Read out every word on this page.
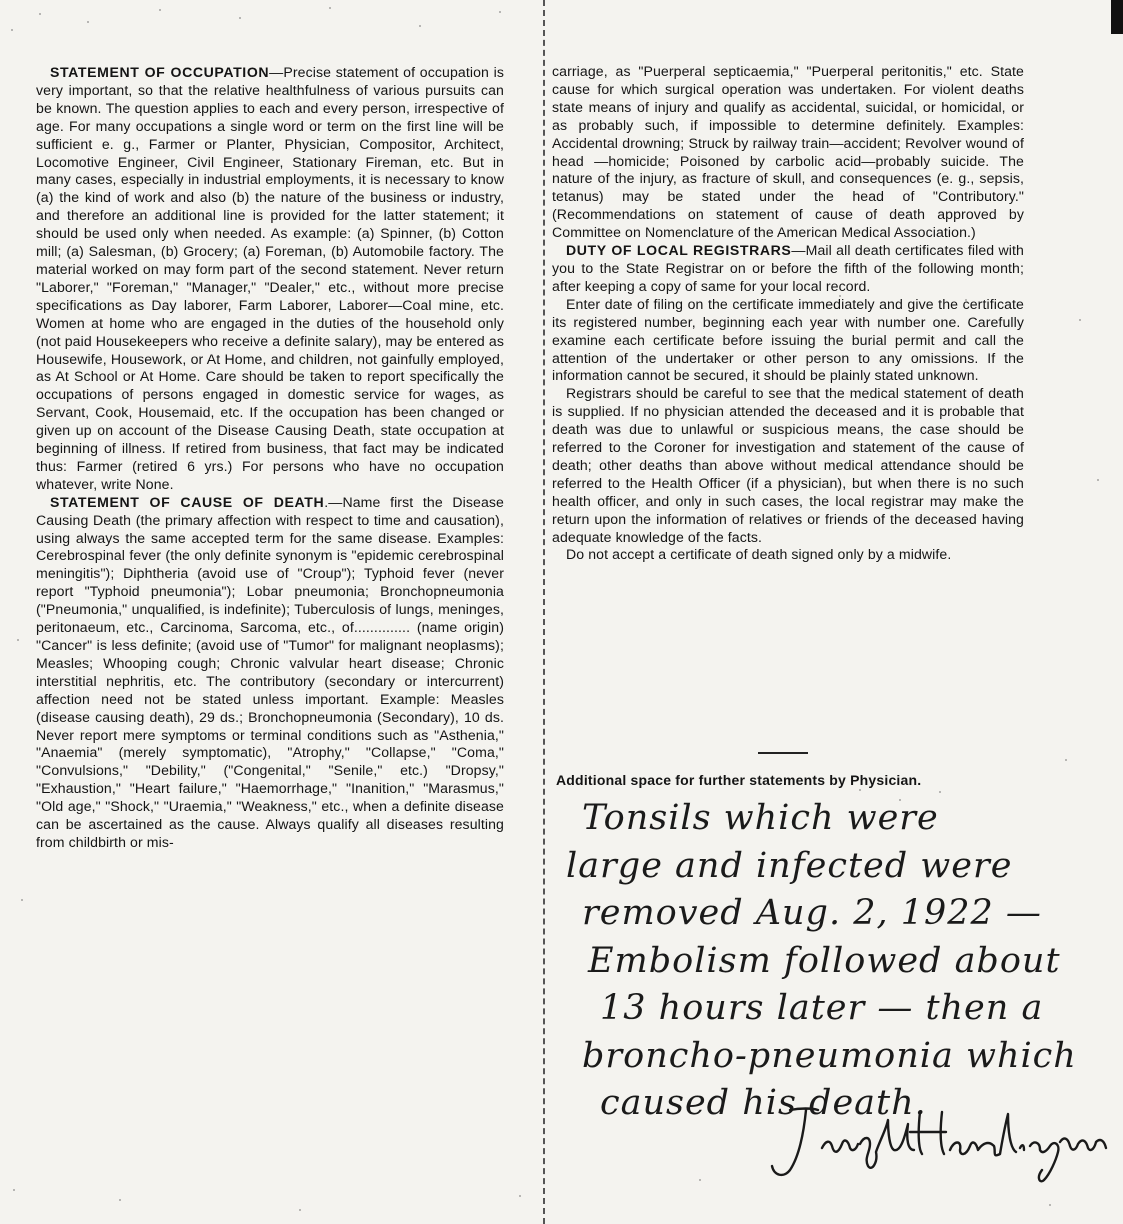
STATEMENT OF OCCUPATION—Precise statement of occupation is very important, so that the relative healthfulness of various pursuits can be known. The question applies to each and every person, irrespective of age. For many occupations a single word or term on the first line will be sufficient e. g., Farmer or Planter, Physician, Compositor, Architect, Locomotive Engineer, Civil Engineer, Stationary Fireman, etc. But in many cases, especially in industrial employments, it is necessary to know (a) the kind of work and also (b) the nature of the business or industry, and therefore an additional line is provided for the latter statement; it should be used only when needed. As example: (a) Spinner, (b) Cotton mill; (a) Salesman, (b) Grocery; (a) Foreman, (b) Automobile factory. The material worked on may form part of the second statement. Never return "Laborer," "Foreman," "Manager," "Dealer," etc., without more precise specifications as Day laborer, Farm Laborer, Laborer—Coal mine, etc. Women at home who are engaged in the duties of the household only (not paid Housekeepers who receive a definite salary), may be entered as Housewife, Housework, or At Home, and children, not gainfully employed, as At School or At Home. Care should be taken to report specifically the occupations of persons engaged in domestic service for wages, as Servant, Cook, Housemaid, etc. If the occupation has been changed or given up on account of the Disease Causing Death, state occupation at beginning of illness. If retired from business, that fact may be indicated thus: Farmer (retired 6 yrs.) For persons who have no occupation whatever, write None.

STATEMENT OF CAUSE OF DEATH.—Name first the Disease Causing Death (the primary affection with respect to time and causation), using always the same accepted term for the same disease. Examples: Cerebrospinal fever (the only definite synonym is "epidemic cerebrospinal meningitis"); Diphtheria (avoid use of "Croup"); Typhoid fever (never report "Typhoid pneumonia"); Lobar pneumonia; Bronchopneumonia ("Pneumonia," unqualified, is indefinite); Tuberculosis of lungs, meninges, peritonaeum, etc., Carcinoma, Sarcoma, etc., of.............. (name origin) "Cancer" is less definite; (avoid use of "Tumor" for malignant neoplasms); Measles; Whooping cough; Chronic valvular heart disease; Chronic interstitial nephritis, etc. The contributory (secondary or intercurrent) affection need not be stated unless important. Example: Measles (disease causing death), 29 ds.; Bronchopneumonia (Secondary), 10 ds. Never report mere symptoms or terminal conditions such as "Asthenia," "Anaemia" (merely symptomatic), "Atrophy," "Collapse," "Coma," "Convulsions," "Debility," ("Congenital," "Senile," etc.) "Dropsy," "Exhaustion," "Heart failure," "Haemorrhage," "Inanition," "Marasmus," "Old age," "Shock," "Uraemia," "Weakness," etc., when a definite disease can be ascertained as the cause. Always qualify all diseases resulting from childbirth or mis-

carriage, as "Puerperal septicaemia," "Puerperal peritonitis," etc. State cause for which surgical operation was undertaken. For violent deaths state means of injury and qualify as accidental, suicidal, or homicidal, or as probably such, if impossible to determine definitely. Examples: Accidental drowning; Struck by railway train—accident; Revolver wound of head —homicide; Poisoned by carbolic acid—probably suicide. The nature of the injury, as fracture of skull, and consequences (e. g., sepsis, tetanus) may be stated under the head of "Contributory." (Recommendations on statement of cause of death approved by Committee on Nomenclature of the American Medical Association.)

DUTY OF LOCAL REGISTRARS—Mail all death certificates filed with you to the State Registrar on or before the fifth of the following month; after keeping a copy of same for your local record.

Enter date of filing on the certificate immediately and give the certificate its registered number, beginning each year with number one. Carefully examine each certificate before issuing the burial permit and call the attention of the undertaker or other person to any omissions. If the information cannot be secured, it should be plainly stated unknown.

Registrars should be careful to see that the medical statement of death is supplied. If no physician attended the deceased and it is probable that death was due to unlawful or suspicious means, the case should be referred to the Coroner for investigation and statement of the cause of death; other deaths than above without medical attendance should be referred to the Health Officer (if a physician), but when there is no such health officer, and only in such cases, the local registrar may make the return upon the information of relatives or friends of the deceased having adequate knowledge of the facts.

Do not accept a certificate of death signed only by a midwife.

Additional space for further statements by Physician.
Tonsils which were
large and infected were
removed Aug. 2, 1922 —
Embolism followed about
13 hours later — then a
broncho-pneumonia which
caused his death.
